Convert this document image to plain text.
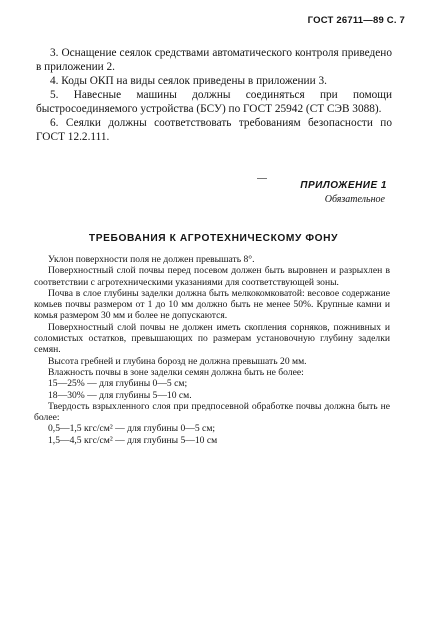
ГОСТ 26711—89 С. 7

3. Оснащение сеялок средствами автоматического контроля приведено в приложении 2.

4. Коды ОКП на виды сеялок приведены в приложении 3.

5. Навесные машины должны соединяться при помощи быстросоединяемого устройства (БСУ) по ГОСТ 25942 (СТ СЭВ 3088).

6. Сеялки должны соответствовать требованиям безопасности по ГОСТ 12.2.111.

ПРИЛОЖЕНИЕ 1
Обязательное
ТРЕБОВАНИЯ К АГРОТЕХНИЧЕСКОМУ ФОНУ

Уклон поверхности поля не должен превышать 8°.

Поверхностный слой почвы перед посевом должен быть выровнен и разрыхлен в соответствии с агротехническими указаниями для соответствующей зоны.

Почва в слое глубины заделки должна быть мелкокомковатой: весовое содержание комьев почвы размером от 1 до 10 мм должно быть не менее 50%. Крупные камни и комья размером 30 мм и более не допускаются.

Поверхностный слой почвы не должен иметь скопления сорняков, пожнивных и соломистых остатков, превышающих по размерам установочную глубину заделки семян.

Высота гребней и глубина борозд не должна превышать 20 мм.

Влажность почвы в зоне заделки семян должна быть не более:

15—25% — для глубины 0—5 см;

18—30% — для глубины 5—10 см.

Твердость взрыхленного слоя при предпосевной обработке почвы должна быть не более:

0,5—1,5 кгс/см² — для глубины 0—5 см;

1,5—4,5 кгс/см² — для глубины 5—10 см
